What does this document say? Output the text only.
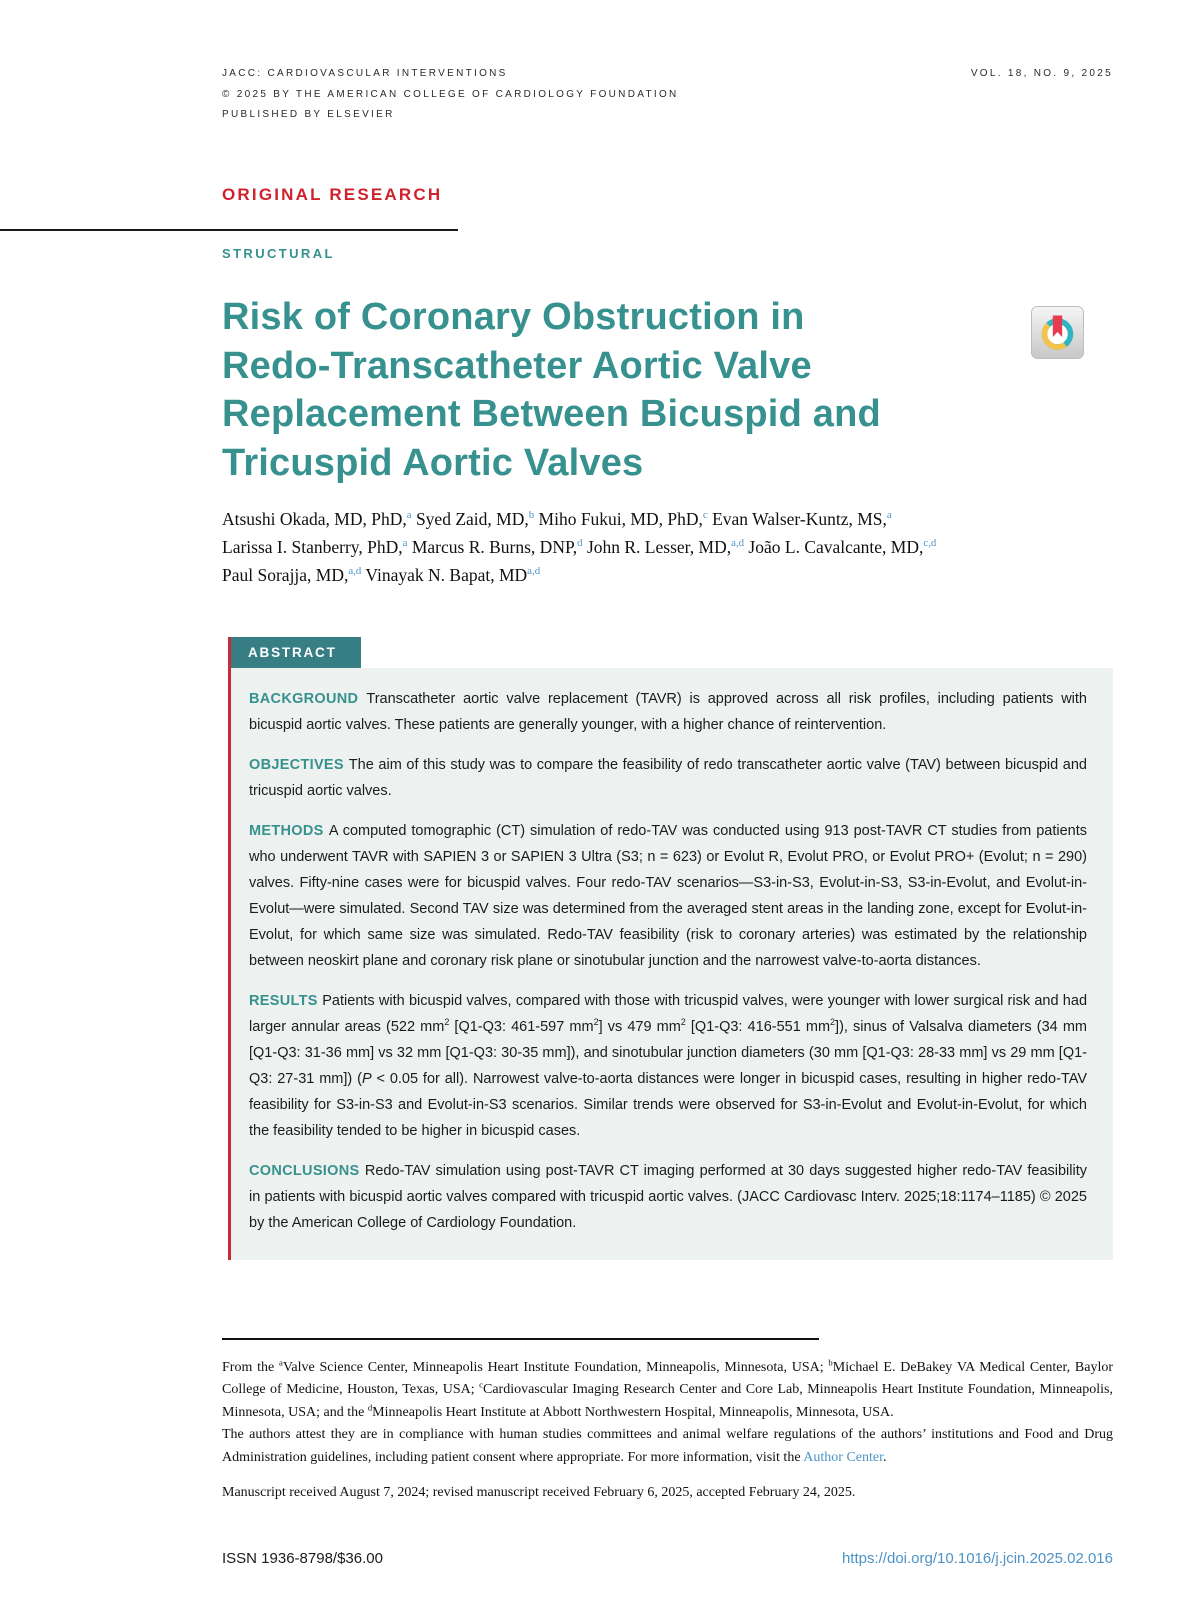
JACC: CARDIOVASCULAR INTERVENTIONS
© 2025 BY THE AMERICAN COLLEGE OF CARDIOLOGY FOUNDATION
PUBLISHED BY ELSEVIER
VOL. 18, NO. 9, 2025
ORIGINAL RESEARCH
STRUCTURAL
Risk of Coronary Obstruction in Redo-Transcatheter Aortic Valve Replacement Between Bicuspid and Tricuspid Aortic Valves
Atsushi Okada, MD, PhD,$^a$ Syed Zaid, MD,$^b$ Miho Fukui, MD, PhD,$^c$ Evan Walser-Kuntz, MS,$^a$
Larissa I. Stanberry, PhD,$^a$ Marcus R. Burns, DNP,$^d$ John R. Lesser, MD,$^{a,d}$ João L. Cavalcante, MD,$^{c,d}$
Paul Sorajja, MD,$^{a,d}$ Vinayak N. Bapat, MD$^{a,d}$
ABSTRACT

BACKGROUND Transcatheter aortic valve replacement (TAVR) is approved across all risk profiles, including patients with bicuspid aortic valves. These patients are generally younger, with a higher chance of reintervention.

OBJECTIVES The aim of this study was to compare the feasibility of redo transcatheter aortic valve (TAV) between bicuspid and tricuspid aortic valves.

METHODS A computed tomographic (CT) simulation of redo-TAV was conducted using 913 post-TAVR CT studies from patients who underwent TAVR with SAPIEN 3 or SAPIEN 3 Ultra (S3; n = 623) or Evolut R, Evolut PRO, or Evolut PRO+ (Evolut; n = 290) valves. Fifty-nine cases were for bicuspid valves. Four redo-TAV scenarios—S3-in-S3, Evolut-in-S3, S3-in-Evolut, and Evolut-in-Evolut—were simulated. Second TAV size was determined from the averaged stent areas in the landing zone, except for Evolut-in-Evolut, for which same size was simulated. Redo-TAV feasibility (risk to coronary arteries) was estimated by the relationship between neoskirt plane and coronary risk plane or sinotubular junction and the narrowest valve-to-aorta distances.

RESULTS Patients with bicuspid valves, compared with those with tricuspid valves, were younger with lower surgical risk and had larger annular areas (522 $mm^2$ [Q1-Q3: 461-597 $mm^2$] vs 479 $mm^2$ [Q1-Q3: 416-551 $mm^2$]), sinus of Valsalva diameters (34 mm [Q1-Q3: 31-36 mm] vs 32 mm [Q1-Q3: 30-35 mm]), and sinotubular junction diameters (30 mm [Q1-Q3: 28-33 mm] vs 29 mm [Q1-Q3: 27-31 mm]) (P < 0.05 for all). Narrowest valve-to-aorta distances were longer in bicuspid cases, resulting in higher redo-TAV feasibility for S3-in-S3 and Evolut-in-S3 scenarios. Similar trends were observed for S3-in-Evolut and Evolut-in-Evolut, for which the feasibility tended to be higher in bicuspid cases.

CONCLUSIONS Redo-TAV simulation using post-TAVR CT imaging performed at 30 days suggested higher redo-TAV feasibility in patients with bicuspid aortic valves compared with tricuspid aortic valves. (JACC Cardiovasc Interv. 2025;18:1174–1185) © 2025 by the American College of Cardiology Foundation.

From the $^a$Valve Science Center, Minneapolis Heart Institute Foundation, Minneapolis, Minnesota, USA; $^b$Michael E. DeBakey VA Medical Center, Baylor College of Medicine, Houston, Texas, USA; $^c$Cardiovascular Imaging Research Center and Core Lab, Minneapolis Heart Institute Foundation, Minneapolis, Minnesota, USA; and the $^d$Minneapolis Heart Institute at Abbott Northwestern Hospital, Minneapolis, Minnesota, USA.

The authors attest they are in compliance with human studies committees and animal welfare regulations of the authors’ institutions and Food and Drug Administration guidelines, including patient consent where appropriate. For more information, visit the Author Center.

Manuscript received August 7, 2024; revised manuscript received February 6, 2025, accepted February 24, 2025.

ISSN 1936-8798/$36.00	https://doi.org/10.1016/j.jcin.2025.02.016
